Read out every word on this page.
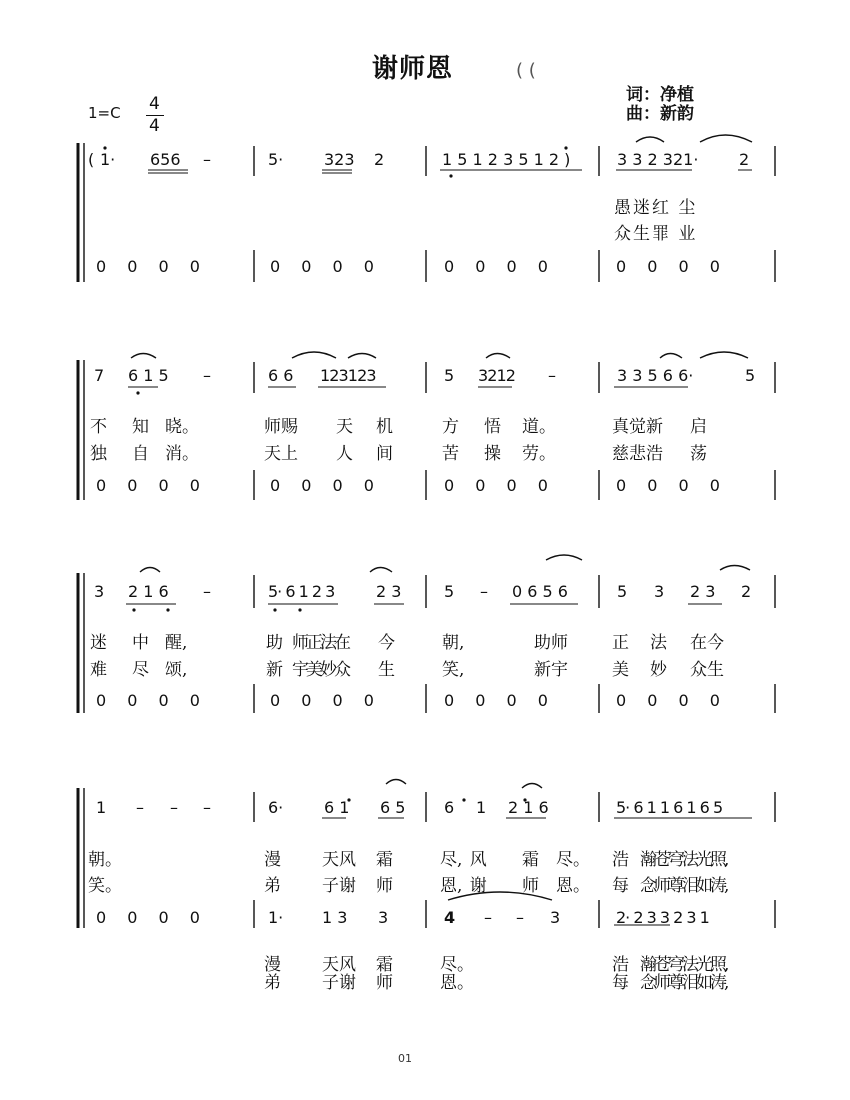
谢师恩	( (
词：净植
曲：新韵
1=C 4
4
( 1· 656 –	5·	323 2	1 5 1 2 3 5 1 2 )	3 3 2 321·	2
愚迷红 尘
众生罪 业
0 0 0 0	0 0 0 0	0 0 0 0	0 0 0 0
7 6 1 5 –	6 6 1 2 3 1 2 3	5 3 2 1 2 –	3 3 5 6 6·	5
不 知 晓。	师赐 天 机	方 悟 道。	真觉新 启
独 自 消。	天上 人 间	苦 操 劳。	慈悲浩 荡
0 0 0 0	0 0 0 0	0 0 0 0	0 0 0 0
3 2 1 6 –	5· 6 1 2 3	2 3	5 – 0 6 5 6	5 3 2 3 2
迷 中 醒,	助 师正法在 今	朝,	助师	正 法 在今
难 尽 颂,	新 宇美妙众 生	笑,	新宇	美 妙 众生
0 0 0 0	0 0 0 0	0 0 0 0	0 0 0 0
1 – – –	6·	6 1 6 5 6 1 2 1 6	5· 6 1 1 6 1 6 5
朝。	漫 天风 霜	尽, 风 霜 尽。 浩 瀚苍穹法光照,
笑。	弟 子谢 师	恩, 谢 师 恩。 每 念师尊泪如涛,
0 0 0 0	1· 1 3 3	4 – – 3	2· 2 3 3 2 3 1
漫 天风 霜	尽。	浩 瀚苍穹法光照,
弟 子谢 师	恩。	每 念师尊泪如涛,
01
